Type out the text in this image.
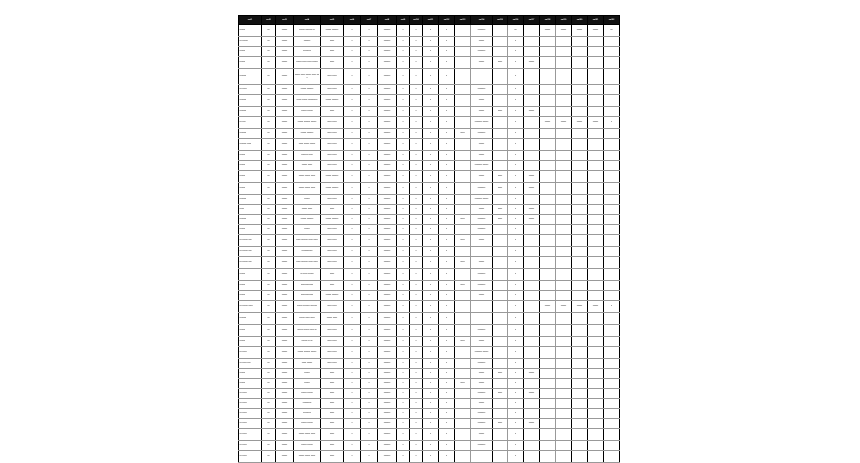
col1	col2	col3	col4	col5	col6	col7	col8	col9	col10	col11	col12	col13	col14	col15	col16	col17	col18	col19	col20	col21	col22
xxxxx	xx	xxxxx	xxxxx xxxxxx xx	xxxxx xxxxxx	x	x	xxxxxx	x	x	x	x		xxxxxxx		xx		xxxxx	xxxxx	xxxxx	xxxxx	xx
xx xxxxx	xx	xxxxx	xxxxxx	xxxx	x	x	xxxxxx	x	x	x	x		xxxxx		x						
xxxxx	xx	xxxxx	xxxxxxx	xxxx	x	x	xxxxxx	x	x	x	x		xxxxxxx		x						
xxxxx	xx	xxxxx	xxxxx xxxx xxxx xxxxx	xxxx	x	x	xxxxxx	x	x	x	x		xxxxx	xxxx	x	xxxxx					
xxxxxx	xx	xxxxx	xxxxx xxxx xxxxx xxxx xxx	xxxx xxxx	x	x	xxxxxx	x	x	x	x				x						
xx xxxx	xx	xxxxx	xxxxx xxxxxx	xxxx xxxx	x	x	xxxxxx	x	x	x	x		xxxxxxx		x						
xxxxxx	xx	xxxxx	xxxx xxxxx xxxxxxxxx	xxxxx xxxxxx	x	x	xxxxxx	x	x	x	x		xxxxx		x						
xxxxxx	xx	xxxxx	xxxxx xxxxx	xxxx	x	x	xxxxxx	x	x	x	x		xxxxx	xxxx	x	xxxxx					
xx xxx	xx	xxxxx	xxxxx xxxxxx xxxxx	xxxx xxxx	x	x	xxxxxx	x	x	x	x		xxxxxxx xxxxx		x		xxxxx	xxxxx	xxxxx	xxxxx	x
xxxxxx	xx	xxxxx	xxxxx xxxxxx	xxxx xxxx	x	x	xxxxxx	x	x	x	x	xxxx	xxxxxxx		x						
xxxxxx xxxx	xx	xxxxx	xxxx xxxxx xxxxx	xxxx xxxx	x	x	xxxxxx	x	x	x	x		xxxxx		x						
xxxxx	xx	xxxxx	xxxxxx xxxx	xxxx xxxx	x	x	xxxxxx	x	x	x	x		xxxxx		x						
xxxxx	xx	xxxxx	xxxxx xxxx	xxxx xxxx	x	x	xxxxxx	x	x	x	x		xxxxxxx xxxxx		x						
xxxxx	xx	xxxxx	xxxxx xxxxx xxxx	xxxxx xxxxxx	x	x	xxxxxx	x	x	x	x		xxxxx	xxxx	x	xxxxx					
xxxxx	xx	xxxxx	xxxxx xxxxx xxxx	xxxxx xxxxxx	x	x	xxxxxx	x	x	x	x		xxxxxxx	xxxx	x	xxxxx					
xxxxxx	xx	xxxxx	xxxxx	xxxx xxxx	x	x	xxxxxx	x	x	x	x		xxxxxxx xxxxx		x						
xxxx	xx	xxxxx	xxxxx xxxx	xxxx	x	x	xxxxxx	x	x	x	x		xxxxx	xxxx	x	xxxxx					
xxxxxx	xx	xxxxx	xxxxx xxxxxx	xxxxx xxxxxx	x	x	xxxxxx	x	x	x	x	xxxx	xxxxxxx	xxxx	x	xxxxx					
xxxxx	xx	xxxxx	xxxxx	xxxx xxxx	x	x	xxxxxx	x	x	x	x		xxxxxxx		x						
xx xxxxx xxx	xx	xxxxx	xxxx xxxxxx xxxx xxxx	xxxx xxxx	x	x	xxxxxx	x	x	x	x	xxxx	xxxxx		x						
xx xxxxx xxx	xx	xxxxx	xxxxxxxxxx	xxxx xxxx	x	x	xxxxxx	x	x	x	x				x						
xx xxxxx xxx	xx	xxxxx	xxxx xxxxxx xxxx xxxx	xxxx xxxx	x	x	xxxxxx	x	x	x	x	xxxx	xxxxx		x						
xxxxx	xx	xxxxx	xx xxxx xxxxx	xxxx	x	x	xxxxxx	x	x	x	x		xxxxxxx		x						
xxxxx	xx	xxxxx	xxxxxxxxxxx	xxxx	x	x	xxxxxx	x	x	x	x	xxxx	xxxxxxx		x						
xxxxx	xx	xxxxx	xxxxxxxxxxx	xxxxx xxxxxx	x	x	xxxxxx	x	x	x	x		xxxxx		x						
xx xxxxx xxxx	xx	xxxxx	xxxxx xxxxxx xxxxxx	xxxx xxxx	x	x	xxxxxx	x	x	x	x				x		xxxxx	xxxxx	xxxxx	xxxxx	x
xxxxxx	xx	xxxxx	xxxxx xxxx xxxx	xxxxx xxxx	x	x	xxxxxx	x	x	x	x				x						
xxxxx	xx	xxxxx	xxxxx xxxxx xxxx xx	xxxx xxxx	x	x	xxxxxx	x	x	x	x		xxxxxxx		x						
xxxxx	xx	xxxxx	xxxxx xx xx	xxxx xxxx	x	x	xxxxxx	x	x	x	x	xxxx	xxxxx		x						
xx xxxx	xx	xxxxx	xxxxx xxxxxx xxxxx	xxxx xxxx	x	x	xxxxxx	x	x	x	x		xxxxxxx xxxxx		x						
xx xxxx xxx	xx	xxxxx	xxxx xxxxx	xxxx xxxx	x	x	xxxxxx	x	x	x	x		xxxxxxx		x						
xxxxx	xx	xxxxx	xxxxx	xxxx	x	x	xxxxxx	x	x	x	x		xxxxx	xxxx	x	xxxxx					
xxxxx	xx	xxxxx	xxxxx	xxxx	x	x	xxxxxx	x	x	x	x	xxxx	xxxxx		x						
xx xxxx	xx	xxxxx	xxxxx xxxxx	xxxx	x	x	xxxxxx	x	x	x	x		xxxxxxx	xxxx	x	xxxxx					
xx xxxx	xx	xxxxx	xxxxxxxx	xxxx	x	x	xxxxxx	x	x	x	x		xxxxx		x						
xx xxxx	xx	xxxxx	xxxxxxx	xxxx	x	x	xxxxxx	x	x	x	x		xxxxxxx		x						
xx xxxx	xx	xxxxx	xxxxx xxxxx	xxxx	x	x	xxxxxx	x	x	x	x		xxxxxxx	xxxx	x	xxxxx					
xx xxxx	xx	xxxxx	xxxxx xxxxx xxxx	xxxx	x	x	xxxxxx	x	x	x	x		xxxxx		x						
xx xxxx	xx	xxxxx	xxxxx xxxxx	xxxx	x	x	xxxxxx	x	x	x	x		xxxxxxx		x						
xx xxxx	xx	xxxxx	xxxxx xxxxx xxxx	xxxx	x	x	xxxxxx	x	x	x	x				x						
